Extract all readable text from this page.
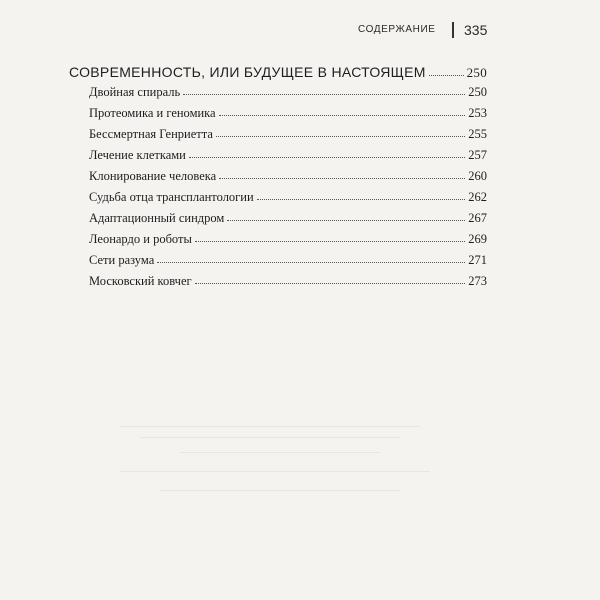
СОДЕРЖАНИЕ 335
СОВРЕМЕННОСТЬ, ИЛИ БУДУЩЕЕ В НАСТОЯЩЕМ	250
Двойная спираль	250
Протеомика и геномика	253
Бессмертная Генриетта	255
Лечение клетками	257
Клонирование человека	260
Судьба отца трансплантологии	262
Адаптационный синдром	267
Леонардо и роботы	269
Сети разума	271
Московский ковчег	273
